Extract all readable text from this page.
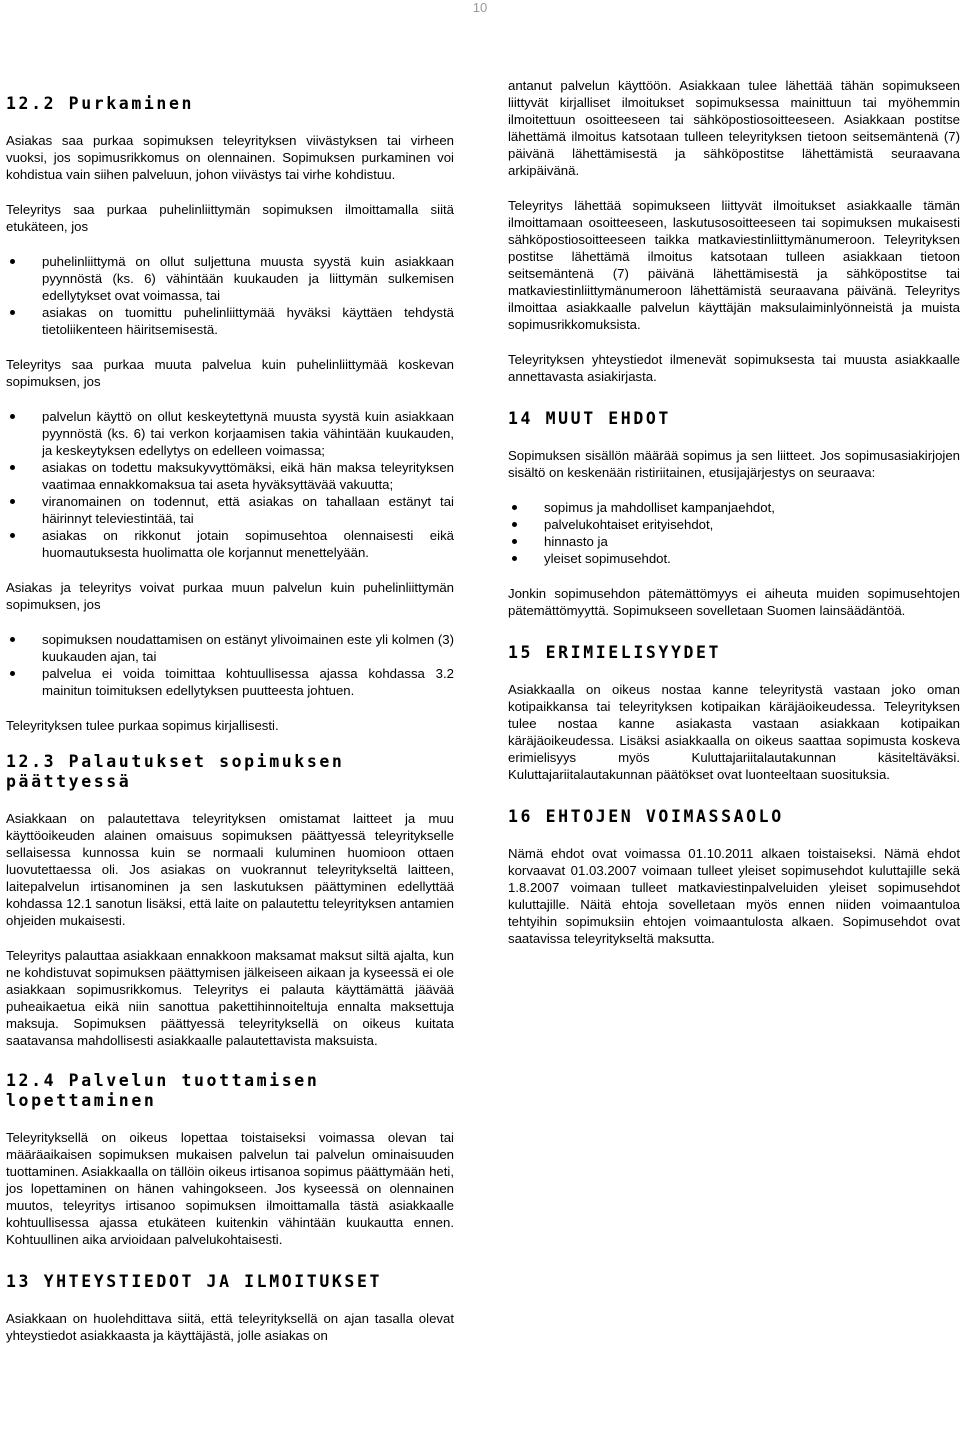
10
12.2 Purkaminen

Asiakas saa purkaa sopimuksen teleyrityksen viivästyksen tai virheen vuoksi, jos sopimusrikkomus on olennainen. Sopimuksen purkaminen voi kohdistua vain siihen palveluun, johon viivästys tai virhe kohdistuu.

Teleyritys saa purkaa puhelinliittymän sopimuksen ilmoittamalla siitä etukäteen, jos

puhelinliittymä on ollut suljettuna muusta syystä kuin asiakkaan pyynnöstä (ks. 6) vähintään kuukauden ja liittymän sulkemisen edellytykset ovat voimassa, tai
asiakas on tuomittu puhelinliittymää hyväksi käyttäen tehdystä tietoliikenteen häiritsemisestä.

Teleyritys saa purkaa muuta palvelua kuin puhelinliittymää koskevan sopimuksen, jos

palvelun käyttö on ollut keskeytettynä muusta syystä kuin asiakkaan pyynnöstä (ks. 6) tai verkon korjaamisen takia vähintään kuukauden, ja keskeytyksen edellytys on edelleen voimassa;
asiakas on todettu maksukyvyttömäksi, eikä hän maksa teleyrityksen vaatimaa ennakkomaksua tai aseta hyväksyttävää vakuutta;
viranomainen on todennut, että asiakas on tahallaan estänyt tai häirinnyt televiestintää, tai
asiakas on rikkonut jotain sopimusehtoa olennaisesti eikä huomautuksesta huolimatta ole korjannut menettelyään.

Asiakas ja teleyritys voivat purkaa muun palvelun kuin puhelinliittymän sopimuksen, jos

sopimuksen noudattamisen on estänyt ylivoimainen este yli kolmen (3) kuukauden ajan, tai
palvelua ei voida toimittaa kohtuullisessa ajassa kohdassa 3.2 mainitun toimituksen edellytyksen puutteesta johtuen.

Teleyrityksen tulee purkaa sopimus kirjallisesti.

12.3 Palautukset sopimuksen päättyessä

Asiakkaan on palautettava teleyrityksen omistamat laitteet ja muu käyttöoikeuden alainen omaisuus sopimuksen päättyessä teleyritykselle sellaisessa kunnossa kuin se normaali kuluminen huomioon ottaen luovutettaessa oli. Jos asiakas on vuokrannut teleyritykseltä laitteen, laitepalvelun irtisanominen ja sen laskutuksen päättyminen edellyttää kohdassa 12.1 sanotun lisäksi, että laite on palautettu teleyrityksen antamien ohjeiden mukaisesti.

Teleyritys palauttaa asiakkaan ennakkoon maksamat maksut siltä ajalta, kun ne kohdistuvat sopimuksen päättymisen jälkeiseen aikaan ja kyseessä ei ole asiakkaan sopimusrikkomus. Teleyritys ei palauta käyttämättä jäävää puheaikaetua eikä niin sanottua pakettihinnoiteltuja ennalta maksettuja maksuja. Sopimuksen päättyessä teleyrityksellä on oikeus kuitata saatavansa mahdollisesti asiakkaalle palautettavista maksuista.

12.4 Palvelun tuottamisen lopettaminen

Teleyrityksellä on oikeus lopettaa toistaiseksi voimassa olevan tai määräaikaisen sopimuksen mukaisen palvelun tai palvelun ominaisuuden tuottaminen. Asiakkaalla on tällöin oikeus irtisanoa sopimus päättymään heti, jos lopettaminen on hänen vahingokseen. Jos kyseessä on olennainen muutos, teleyritys irtisanoo sopimuksen ilmoittamalla tästä asiakkaalle kohtuullisessa ajassa etukäteen kuitenkin vähintään kuukautta ennen. Kohtuullinen aika arvioidaan palvelukohtaisesti.

13 YHTEYSTIEDOT JA ILMOITUKSET

Asiakkaan on huolehdittava siitä, että teleyrityksellä on ajan tasalla olevat yhteystiedot asiakkaasta ja käyttäjästä, jolle asiakas on

antanut palvelun käyttöön. Asiakkaan tulee lähettää tähän sopimukseen liittyvät kirjalliset ilmoitukset sopimuksessa mainittuun tai myöhemmin ilmoitettuun osoitteeseen tai sähköpostiosoitteeseen. Asiakkaan postitse lähettämä ilmoitus katsotaan tulleen teleyrityksen tietoon seitsemäntenä (7) päivänä lähettämisestä ja sähköpostitse lähettämistä seuraavana arkipäivänä.

Teleyritys lähettää sopimukseen liittyvät ilmoitukset asiakkaalle tämän ilmoittamaan osoitteeseen, laskutusosoitteeseen tai sopimuksen mukaisesti sähköpostiosoitteeseen taikka matkaviestinliittymänumeroon. Teleyrityksen postitse lähettämä ilmoitus katsotaan tulleen asiakkaan tietoon seitsemäntenä (7) päivänä lähettämisestä ja sähköpostitse tai matkaviestinliittymänumeroon lähettämistä seuraavana päivänä. Teleyritys ilmoittaa asiakkaalle palvelun käyttäjän maksulaiminlyönneistä ja muista sopimusrikkomuksista.

Teleyrityksen yhteystiedot ilmenevät sopimuksesta tai muusta asiakkaalle annettavasta asiakirjasta.

14 MUUT EHDOT

Sopimuksen sisällön määrää sopimus ja sen liitteet. Jos sopimusasiakirjojen sisältö on keskenään ristiriitainen, etusijajärjestys on seuraava:

sopimus ja mahdolliset kampanjaehdot,
palvelukohtaiset erityisehdot,
hinnasto ja
yleiset sopimusehdot.

Jonkin sopimusehdon pätemättömyys ei aiheuta muiden sopimusehtojen pätemättömyyttä. Sopimukseen sovelletaan Suomen lainsäädäntöä.

15 ERIMIELISYYDET

Asiakkaalla on oikeus nostaa kanne teleyritystä vastaan joko oman kotipaikkansa tai teleyrityksen kotipaikan käräjäoikeudessa. Teleyrityksen tulee nostaa kanne asiakasta vastaan asiakkaan kotipaikan käräjäoikeudessa. Lisäksi asiakkaalla on oikeus saattaa sopimusta koskeva erimielisyys myös Kuluttajariitalautakunnan käsiteltäväksi. Kuluttajariitalautakunnan päätökset ovat luonteeltaan suosituksia.

16 EHTOJEN VOIMASSAOLO

Nämä ehdot ovat voimassa 01.10.2011 alkaen toistaiseksi. Nämä ehdot korvaavat 01.03.2007 voimaan tulleet yleiset sopimusehdot kuluttajille sekä 1.8.2007 voimaan tulleet matkaviestinpalveluiden yleiset sopimusehdot kuluttajille. Näitä ehtoja sovelletaan myös ennen niiden voimaantuloa tehtyihin sopimuksiin ehtojen voimaantulosta alkaen. Sopimusehdot ovat saatavissa teleyritykseltä maksutta.
